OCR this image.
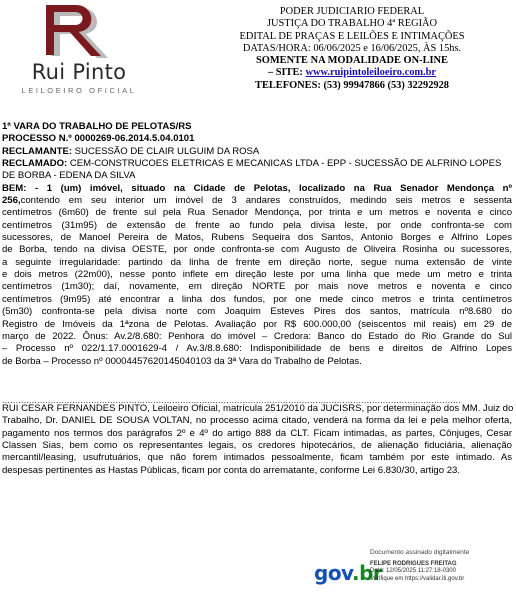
Rui Pinto
LEILOEIRO OFICIAL
PODER JUDICIARIO FEDERAL
JUSTIÇA DO TRABALHO 4ª REGIÃO
EDITAL DE PRAÇAS E LEILÕES E INTIMAÇÕES
DATAS/HORA: 06/06/2025 e 16/06/2025, ÀS 15hs.
SOMENTE NA MODALIDADE ON-LINE
– SITE: www.ruipintoleiloeiro.com.br
TELEFONES: (53) 99947866 (53) 32292928
1ª VARA DO TRABALHO DE PELOTAS/RS
PROCESSO N.º 0000269-06.2014.5.04.0101
RECLAMANTE: SUCESSÃO DE CLAIR ULGUIM DA ROSA
RECLAMADO: CEM-CONSTRUCOES ELETRICAS E MECANICAS LTDA - EPP - SUCESSÃO DE ALFRINO LOPES
DE BORBA - EDENA DA SILVA
BEM: - 1 (um) imóvel, situado na Cidade de Pelotas, localizado na Rua Senador Mendonça nº
256,contendo em seu interior um imóvel de 3 andares construídos, medindo seis metros e sessenta
centímetros (6m60) de frente sul pela Rua Senador Mendonça, por trinta e um metros e noventa e cinco
centímetros (31m95) de extensão de frente ao fundo pela divisa leste, por onde confronta-se com
sucessores, de Manoel Pereira de Matos, Rubens Sequeira dos Santos, Antonio Borges e Alfrino Lopes
de Borba, tendo na divisa OESTE, por onde confronta-se com Augusto de Oliveira Rosinha ou sucessores,
a seguinte irregularidade: partindo da linha de frente em direção norte, segue numa extensão de vinte
e dois metros (22m00), nesse ponto inflete em direção leste por uma linha que mede um metro e trinta
centímetros (1m30); daí, novamente, em direção NORTE por mais nove metros e noventa e cinco
centímetros (9m95) até encontrar a linha dos fundos, por one mede cinco metros e trinta centímetros
(5m30) confronta-se pela divisa norte com Joaquim Esteves Pires dos santos, matrícula nº8.680 do
Registro de Imóveis da 1ªzona de Pelotas. Avaliação por R$ 600.000,00 (seiscentos mil reais) em 29 de
março de 2022. Ônus: Av.2/8.680: Penhora do imóvel – Credora: Banco do Estado do Rio Grande do Sul
– Processo nº 022/1.17.0001629-4 / Av.3/8.8.680: Indisponibilidade de bens e direitos de Alfrino Lopes
de Borba – Processo nº 00004457620145040103 da 3ª Vara do Trabalho de Pelotas.
..........................................................................................................................................................................
RUI CESAR FERNANDES PINTO, Leiloeiro Oficial, matrícula 251/2010 da JUCISRS, por determinação dos MM. Juiz do
Trabalho, Dr. DANIEL DE SOUSA VOLTAN, no processo acima citado, venderá na forma da lei e pela melhor oferta,
pagamento nos termos dos parágrafos 2º e 4º do artigo 888 da CLT. Ficam intimadas, as partes, Cônjuges, Cesar
Classen Sias, bem como os representantes legais, os credores hipotecários, de alienação fiduciária, alienação
mercantil/leasing, usufrutuários, que não forem intimados pessoalmente, ficam também por este intimado. As
despesas pertinentes as Hastas Públicas, ficam por conta do arrematante, conforme Lei 6.830/30, artigo 23.
gov.br
Documento assinado digitalmente
FELIPE RODRIGUES FREITAG
Data: 12/05/2025 11:27:18-0300
Verifique em https://validar.iti.gov.br
